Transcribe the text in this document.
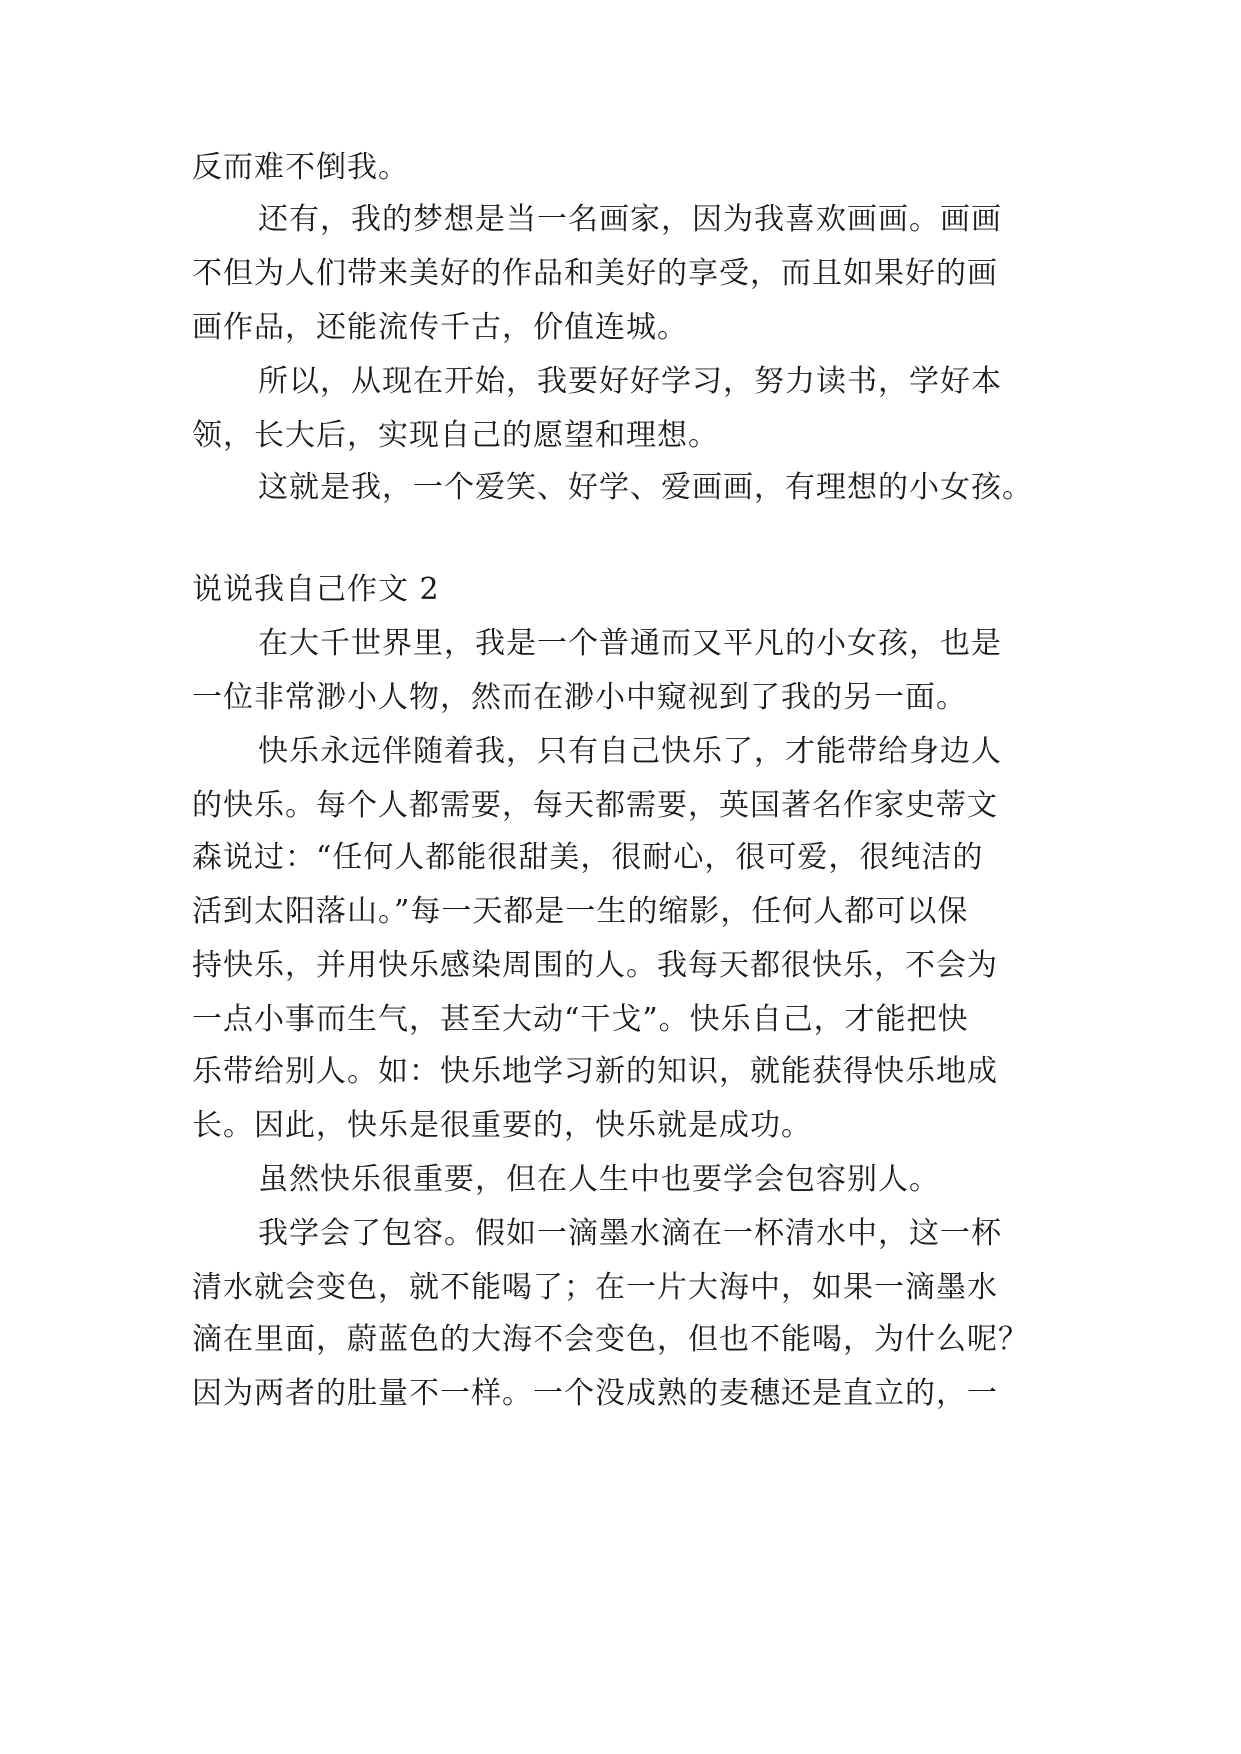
反而难不倒我。
还有，我的梦想是当一名画家，因为我喜欢画画。画画
不但为人们带来美好的作品和美好的享受，而且如果好的画
画作品，还能流传千古，价值连城。
所以，从现在开始，我要好好学习，努力读书，学好本
领，长大后，实现自己的愿望和理想。
这就是我，一个爱笑、好学、爱画画，有理想的小女孩。
说说我自己作文 2
在大千世界里，我是一个普通而又平凡的小女孩，也是
一位非常渺小人物，然而在渺小中窥视到了我的另一面。
快乐永远伴随着我，只有自己快乐了，才能带给身边人
的快乐。每个人都需要，每天都需要，英国著名作家史蒂文
森说过：“任何人都能很甜美，很耐心，很可爱，很纯洁的
活到太阳落山。”每一天都是一生的缩影，任何人都可以保
持快乐，并用快乐感染周围的人。我每天都很快乐，不会为
一点小事而生气，甚至大动“干戈”。快乐自己，才能把快
乐带给别人。如：快乐地学习新的知识，就能获得快乐地成
长。因此，快乐是很重要的，快乐就是成功。
虽然快乐很重要，但在人生中也要学会包容别人。
我学会了包容。假如一滴墨水滴在一杯清水中，这一杯
清水就会变色，就不能喝了；在一片大海中，如果一滴墨水
滴在里面，蔚蓝色的大海不会变色，但也不能喝，为什么呢？
因为两者的肚量不一样。一个没成熟的麦穗还是直立的，一
